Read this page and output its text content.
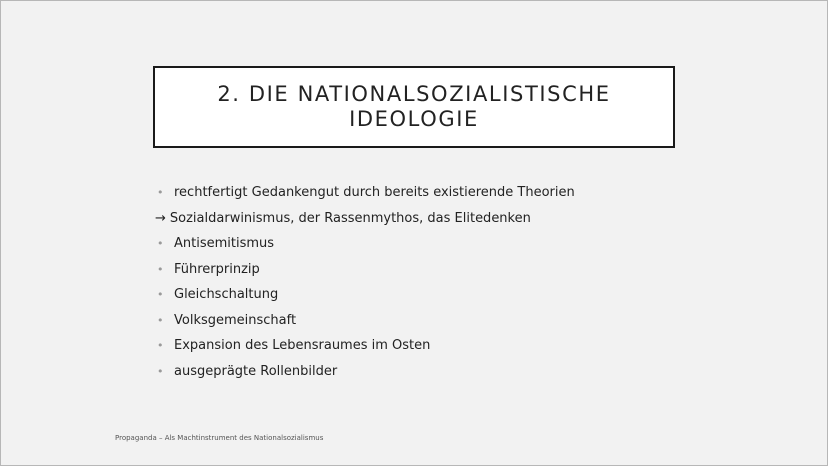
2. DIE NATIONALSOZIALISTISCHE
IDEOLOGIE
• rechtfertigt Gedankengut durch bereits existierende Theorien
→ Sozialdarwinismus, der Rassenmythos, das Elitedenken
• Antisemitismus
• Führerprinzip
• Gleichschaltung
• Volksgemeinschaft
• Expansion des Lebensraumes im Osten
• ausgeprägte Rollenbilder
Propaganda – Als Machtinstrument des Nationalsozialismus
